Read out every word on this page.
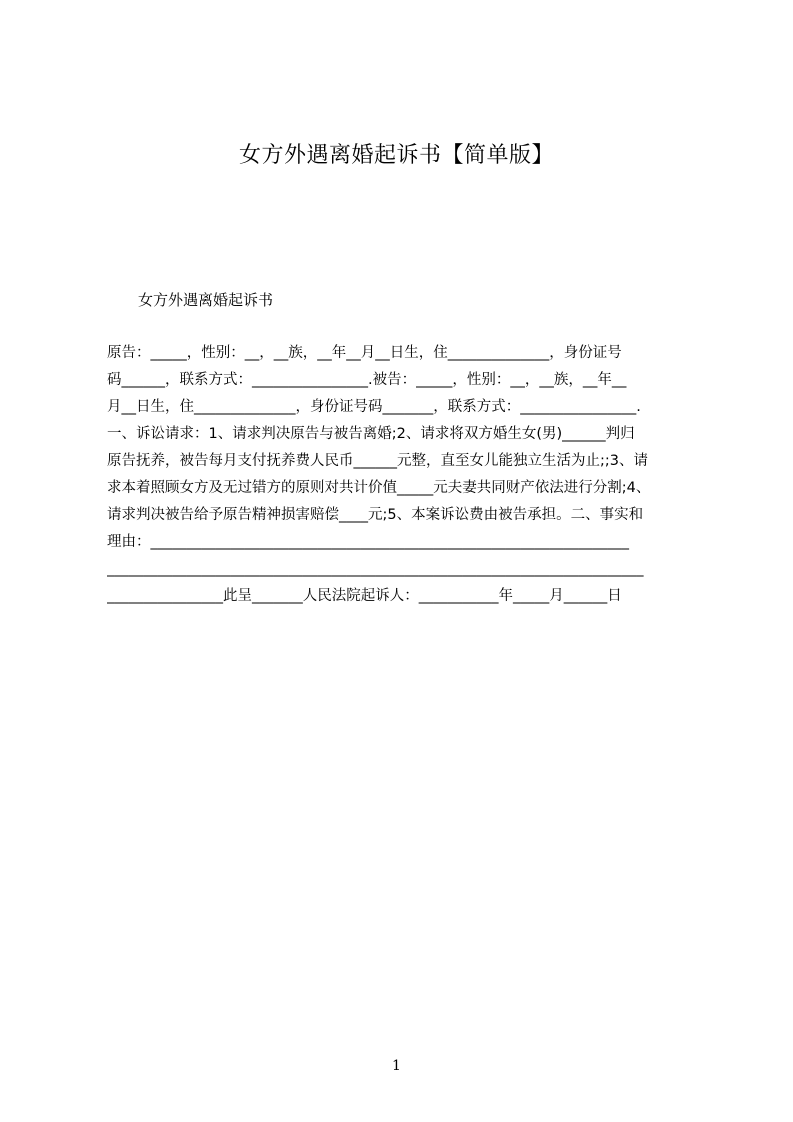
女方外遇离婚起诉书【简单版】
女方外遇离婚起诉书
原告：_____，性别：__，__族，__年__月__日生，住______________，身份证号
码______，联系方式：________________.被告：_____，性别：__，__族，__年__
月__日生，住______________，身份证号码_______，联系方式：________________.
一、诉讼请求：1、请求判决原告与被告离婚;2、请求将双方婚生女(男)______判归
原告抚养，被告每月支付抚养费人民币______元整，直至女儿能独立生活为止;;3、请
求本着照顾女方及无过错方的原则对共计价值_____元夫妻共同财产依法进行分割;4、
请求判决被告给予原告精神损害赔偿____元;5、本案诉讼费由被告承担。二、事实和
理由：__________________________________________________________________
__________________________________________________________________________
________________此呈_______人民法院起诉人：___________年_____月______日
1
